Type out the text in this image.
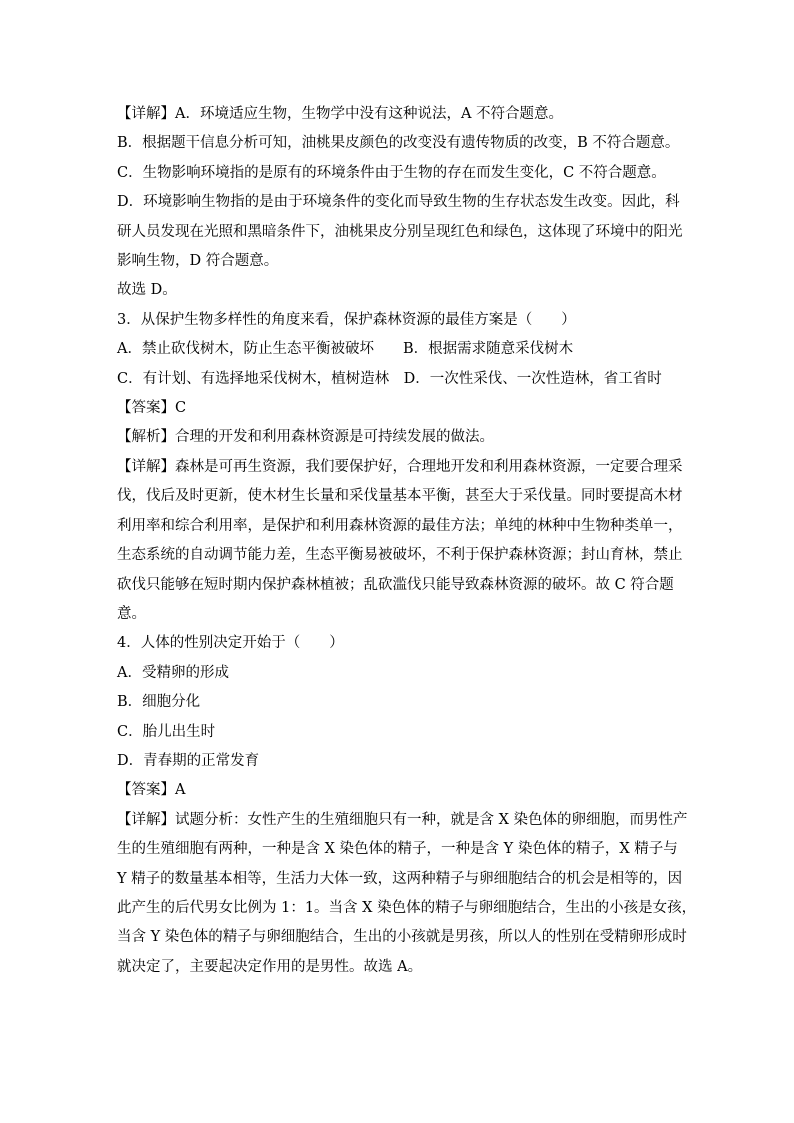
【详解】A．环境适应生物，生物学中没有这种说法，A 不符合题意。
B．根据题干信息分析可知，油桃果皮颜色的改变没有遗传物质的改变，B 不符合题意。
C．生物影响环境指的是原有的环境条件由于生物的存在而发生变化，C 不符合题意。
D．环境影响生物指的是由于环境条件的变化而导致生物的生存状态发生改变。因此，科
研人员发现在光照和黑暗条件下，油桃果皮分别呈现红色和绿色，这体现了环境中的阳光
影响生物，D 符合题意。
故选 D。
3．从保护生物多样性的角度来看，保护森林资源的最佳方案是（　　）
A．禁止砍伐树木，防止生态平衡被破坏　　B．根据需求随意采伐树木
C．有计划、有选择地采伐树木，植树造林　D．一次性采伐、一次性造林，省工省时
【答案】C
【解析】合理的开发和利用森林资源是可持续发展的做法。
【详解】森林是可再生资源，我们要保护好，合理地开发和利用森林资源，一定要合理采
伐，伐后及时更新，使木材生长量和采伐量基本平衡，甚至大于采伐量。同时要提高木材
利用率和综合利用率，是保护和利用森林资源的最佳方法；单纯的林种中生物种类单一，
生态系统的自动调节能力差，生态平衡易被破坏，不利于保护森林资源；封山育林，禁止
砍伐只能够在短时期内保护森林植被；乱砍滥伐只能导致森林资源的破坏。故 C 符合题
意。
4．人体的性别决定开始于（　　）
A．受精卵的形成
B．细胞分化
C．胎儿出生时
D．青春期的正常发育
【答案】A
【详解】试题分析：女性产生的生殖细胞只有一种，就是含 X 染色体的卵细胞，而男性产
生的生殖细胞有两种，一种是含 X 染色体的精子，一种是含 Y 染色体的精子，X 精子与
Y 精子的数量基本相等，生活力大体一致，这两种精子与卵细胞结合的机会是相等的，因
此产生的后代男女比例为 1：1。当含 X 染色体的精子与卵细胞结合，生出的小孩是女孩，
当含 Y 染色体的精子与卵细胞结合，生出的小孩就是男孩，所以人的性别在受精卵形成时
就决定了，主要起决定作用的是男性。故选 A。
